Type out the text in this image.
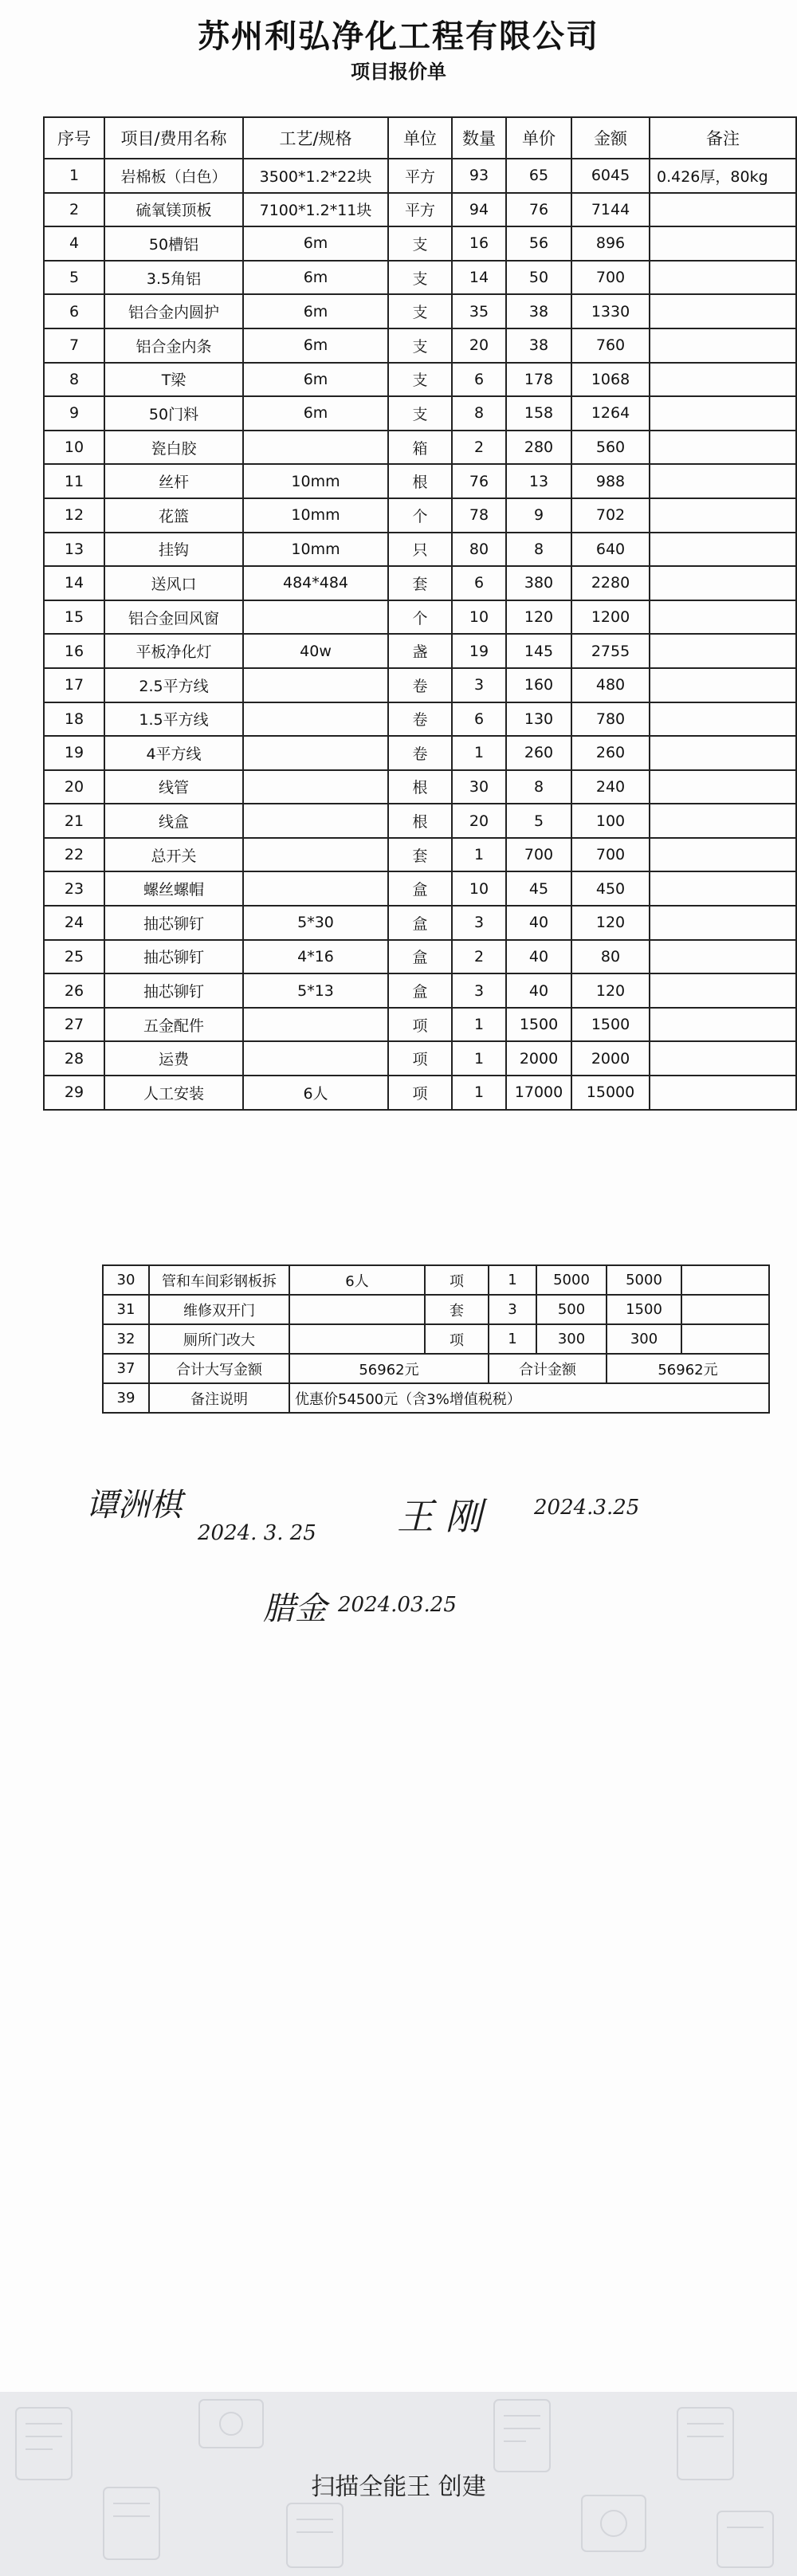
苏州利弘净化工程有限公司
项目报价单
序号	项目/费用名称	工艺/规格	单位	数量	单价	金额	备注
1	岩棉板（白色）	3500*1.2*22块	平方	93	65	6045	0.426厚，80kg
2	硫氧镁顶板	7100*1.2*11块	平方	94	76	7144	
4	50槽铝	6m	支	16	56	896	
5	3.5角铝	6m	支	14	50	700	
6	铝合金内圆护	6m	支	35	38	1330	
7	铝合金内条	6m	支	20	38	760	
8	T梁	6m	支	6	178	1068	
9	50门料	6m	支	8	158	1264	
10	瓷白胶		箱	2	280	560	
11	丝杆	10mm	根	76	13	988	
12	花篮	10mm	个	78	9	702	
13	挂钩	10mm	只	80	8	640	
14	送风口	484*484	套	6	380	2280	
15	铝合金回风窗		个	10	120	1200	
16	平板净化灯	40w	盏	19	145	2755	
17	2.5平方线		卷	3	160	480	
18	1.5平方线		卷	6	130	780	
19	4平方线		卷	1	260	260	
20	线管		根	30	8	240	
21	线盒		根	20	5	100	
22	总开关		套	1	700	700	
23	螺丝螺帽		盒	10	45	450	
24	抽芯铆钉	5*30	盒	3	40	120	
25	抽芯铆钉	4*16	盒	2	40	80	
26	抽芯铆钉	5*13	盒	3	40	120	
27	五金配件		项	1	1500	1500	
28	运费		项	1	2000	2000	
29	人工安装	6人	项	1	17000	15000	
30	管和车间彩钢板拆	6人	项	1	5000	5000	
31	维修双开门		套	3	500	1500	
32	厕所门改大		项	1	300	300	
37	合计大写金额	56962元		合计金额		56962元	
39	备注说明	优惠价54500元（含3%增值税税）					
谭洲棋
2024. 3. 25 王 刚	2024.3.25
腊金 2024.03.25
扫描全能王 创建
